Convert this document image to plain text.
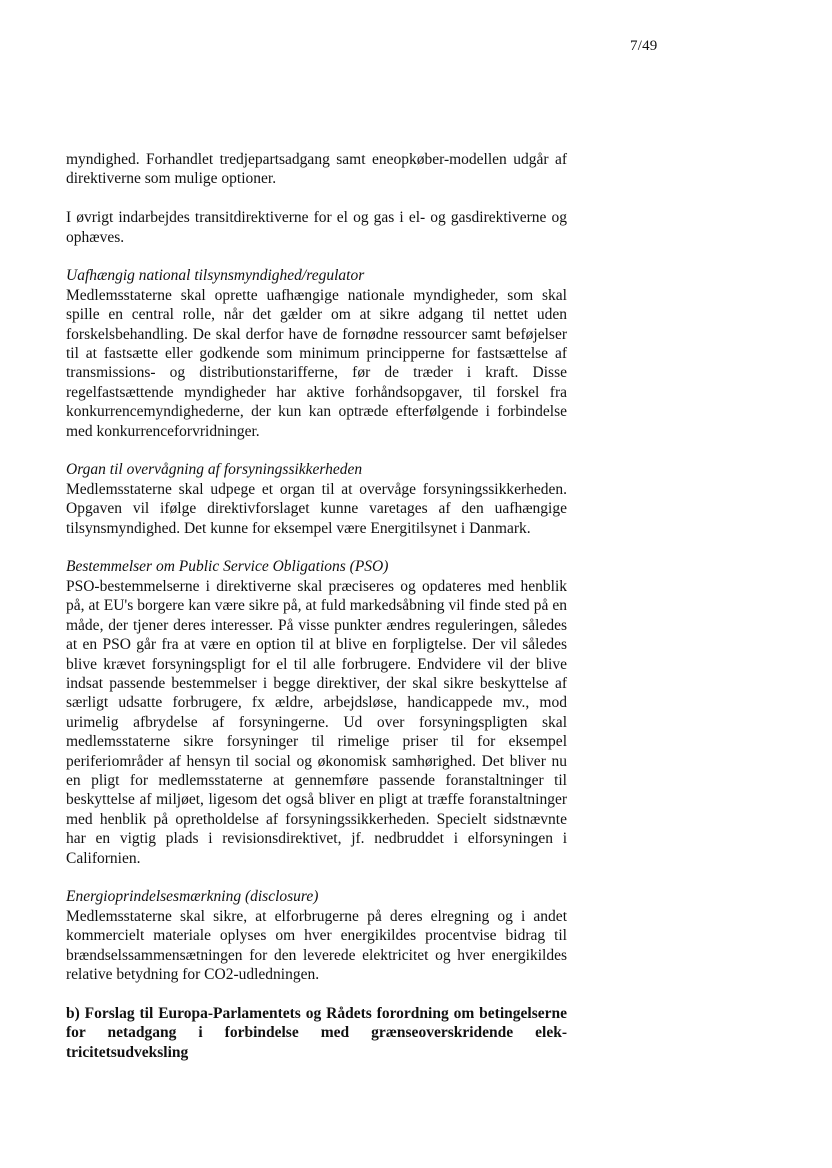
7/49

myndighed. Forhandlet tredjepartsadgang samt eneopkøber-modellen udgår af direktiverne som mulige optioner.

I øvrigt indarbejdes transitdirektiverne for el og gas i el- og gasdirektiverne og ophæves.

Uafhængig national tilsynsmyndighed/regulator

Medlemsstaterne skal oprette uafhængige nationale myndigheder, som skal spille en central rolle, når det gælder om at sikre adgang til nettet uden forskelsbehandling. De skal derfor have de fornødne ressourcer samt beføjelser til at fastsætte eller godkende som minimum principperne for fastsættelse af transmissions- og distributionstarifferne, før de træder i kraft. Disse regelfastsættende myndigheder har aktive forhåndsopgaver, til forskel fra konkurrencemyndighederne, der kun kan optræde efterfølgende i forbindelse med konkurrenceforvridninger.

Organ til overvågning af forsyningssikkerheden

Medlemsstaterne skal udpege et organ til at overvåge forsyningssikkerheden. Opgaven vil ifølge direktivforslaget kunne varetages af den uafhængige tilsynsmyndighed. Det kunne for eksempel være Energitilsynet i Danmark.

Bestemmelser om Public Service Obligations (PSO)

PSO-bestemmelserne i direktiverne skal præciseres og opdateres med henblik på, at EU's borgere kan være sikre på, at fuld markedsåbning vil finde sted på en måde, der tjener deres interesser. På visse punkter ændres reguleringen, således at en PSO går fra at være en option til at blive en forpligtelse. Der vil således blive krævet forsyningspligt for el til alle forbrugere. Endvidere vil der blive indsat passende bestemmelser i begge direktiver, der skal sikre beskyttelse af særligt udsatte forbrugere, fx ældre, arbejdsløse, handicappede mv., mod urimelig afbrydelse af forsyningerne. Ud over forsyningspligten skal medlemsstaterne sikre forsyninger til rimelige priser til for eksempel periferiområder af hensyn til social og økonomisk samhørighed. Det bliver nu en pligt for medlemsstaterne at gennemføre passende foranstaltninger til beskyttelse af miljøet, ligesom det også bliver en pligt at træffe foranstaltninger med henblik på opretholdelse af forsyningssikkerheden. Specielt sidstnævnte har en vigtig plads i revisionsdirektivet, jf. nedbruddet i elforsyningen i Californien.

Energioprindelsesmærkning (disclosure)

Medlemsstaterne skal sikre, at elforbrugerne på deres elregning og i andet kommercielt materiale oplyses om hver energikildes procentvise bidrag til brændselssammensætningen for den leverede elektricitet og hver energikildes relative betydning for CO2-udledningen.

b) Forslag til Europa-Parlamentets og Rådets forordning om betingelserne for netadgang i forbindelse med grænseoverskridende elektricitetsudveksling
